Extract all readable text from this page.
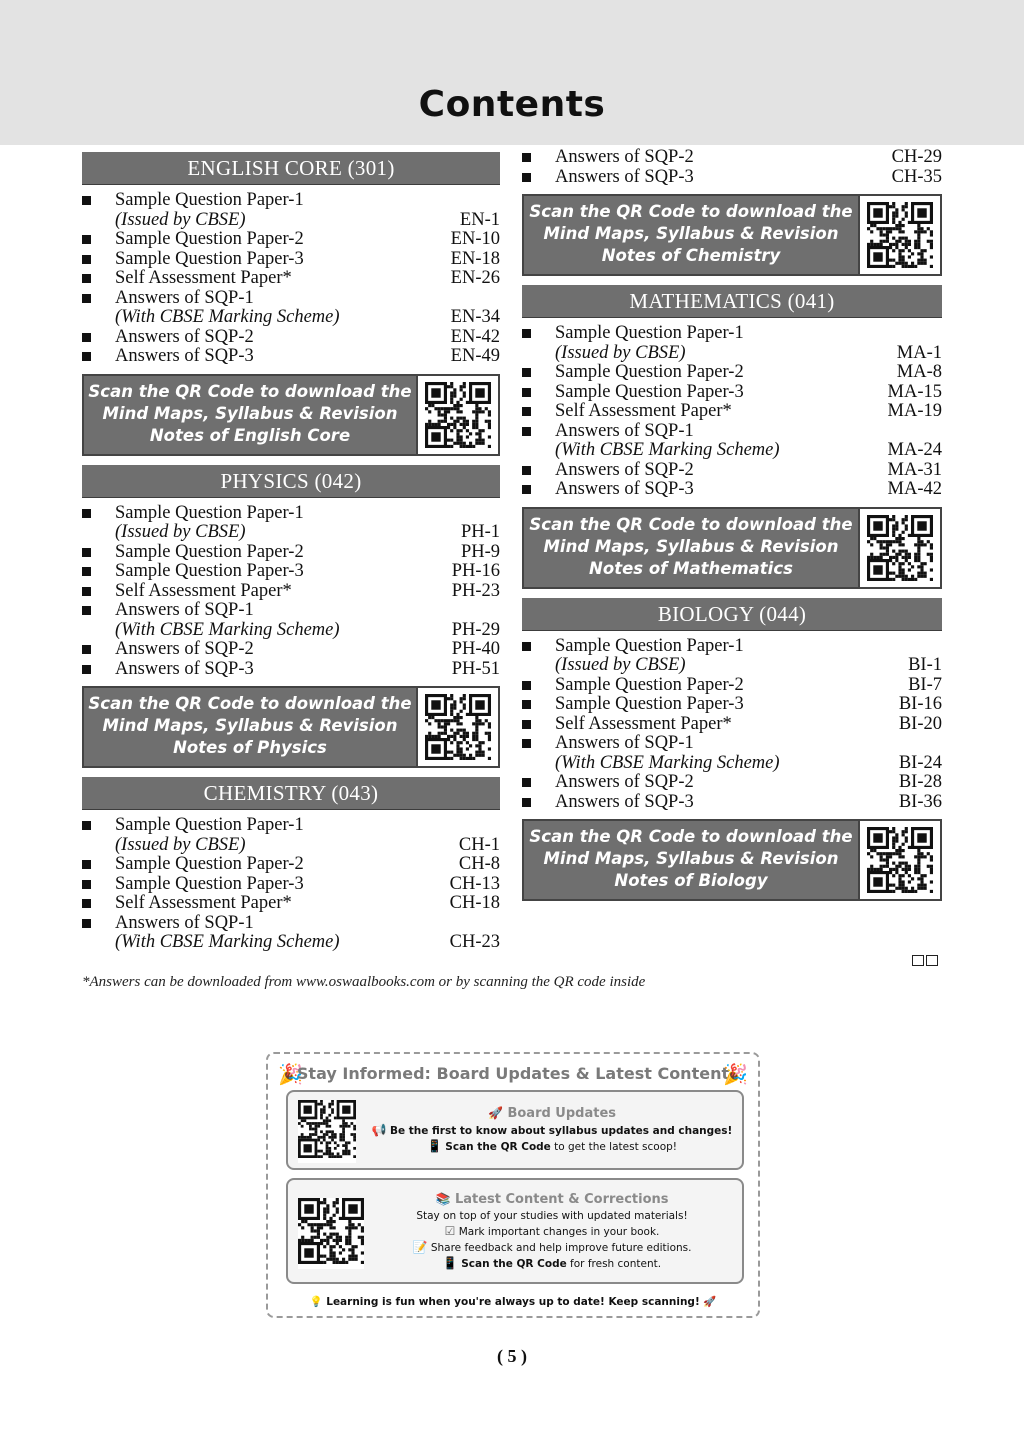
Contents
ENGLISH CORE (301)
Sample Question Paper-1
(Issued by CBSE)	EN-1
Sample Question Paper-2	EN-10
Sample Question Paper-3	EN-18
Self Assessment Paper*	EN-26
Answers of SQP-1
(With CBSE Marking Scheme)	EN-34
Answers of SQP-2	EN-42
Answers of SQP-3	EN-49
Scan the QR Code to download the
Mind Maps, Syllabus & Revision
Notes of English Core
PHYSICS (042)
Sample Question Paper-1
(Issued by CBSE)	PH-1
Sample Question Paper-2	PH-9
Sample Question Paper-3	PH-16
Self Assessment Paper*	PH-23
Answers of SQP-1
(With CBSE Marking Scheme)	PH-29
Answers of SQP-2	PH-40
Answers of SQP-3	PH-51
Scan the QR Code to download the
Mind Maps, Syllabus & Revision
Notes of Physics
CHEMISTRY (043)
Sample Question Paper-1
(Issued by CBSE)	CH-1
Sample Question Paper-2	CH-8
Sample Question Paper-3	CH-13
Self Assessment Paper*	CH-18
Answers of SQP-1
(With CBSE Marking Scheme)	CH-23
Answers of SQP-2	CH-29
Answers of SQP-3	CH-35
Scan the QR Code to download the
Mind Maps, Syllabus & Revision
Notes of Chemistry
MATHEMATICS (041)
Sample Question Paper-1
(Issued by CBSE)	MA-1
Sample Question Paper-2	MA-8
Sample Question Paper-3	MA-15
Self Assessment Paper*	MA-19
Answers of SQP-1
(With CBSE Marking Scheme)	MA-24
Answers of SQP-2	MA-31
Answers of SQP-3	MA-42
Scan the QR Code to download the
Mind Maps, Syllabus & Revision
Notes of Mathematics
BIOLOGY (044)
Sample Question Paper-1
(Issued by CBSE)	BI-1
Sample Question Paper-2	BI-7
Sample Question Paper-3	BI-16
Self Assessment Paper*	BI-20
Answers of SQP-1
(With CBSE Marking Scheme)	BI-24
Answers of SQP-2	BI-28
Answers of SQP-3	BI-36
Scan the QR Code to download the
Mind Maps, Syllabus & Revision
Notes of Biology
*Answers can be downloaded from www.oswaalbooks.com or by scanning the QR code inside
🎉
Stay Informed: Board Updates & Latest Content
🎉
🚀 Board Updates
📢 Be the first to know about syllabus updates and changes!
📱 Scan the QR Code to get the latest scoop!
📚 Latest Content & Corrections
Stay on top of your studies with updated materials!
☑ Mark important changes in your book.
📝 Share feedback and help improve future editions.
📱 Scan the QR Code for fresh content.
💡 Learning is fun when you're always up to date! Keep scanning! 🚀
( 5 )
